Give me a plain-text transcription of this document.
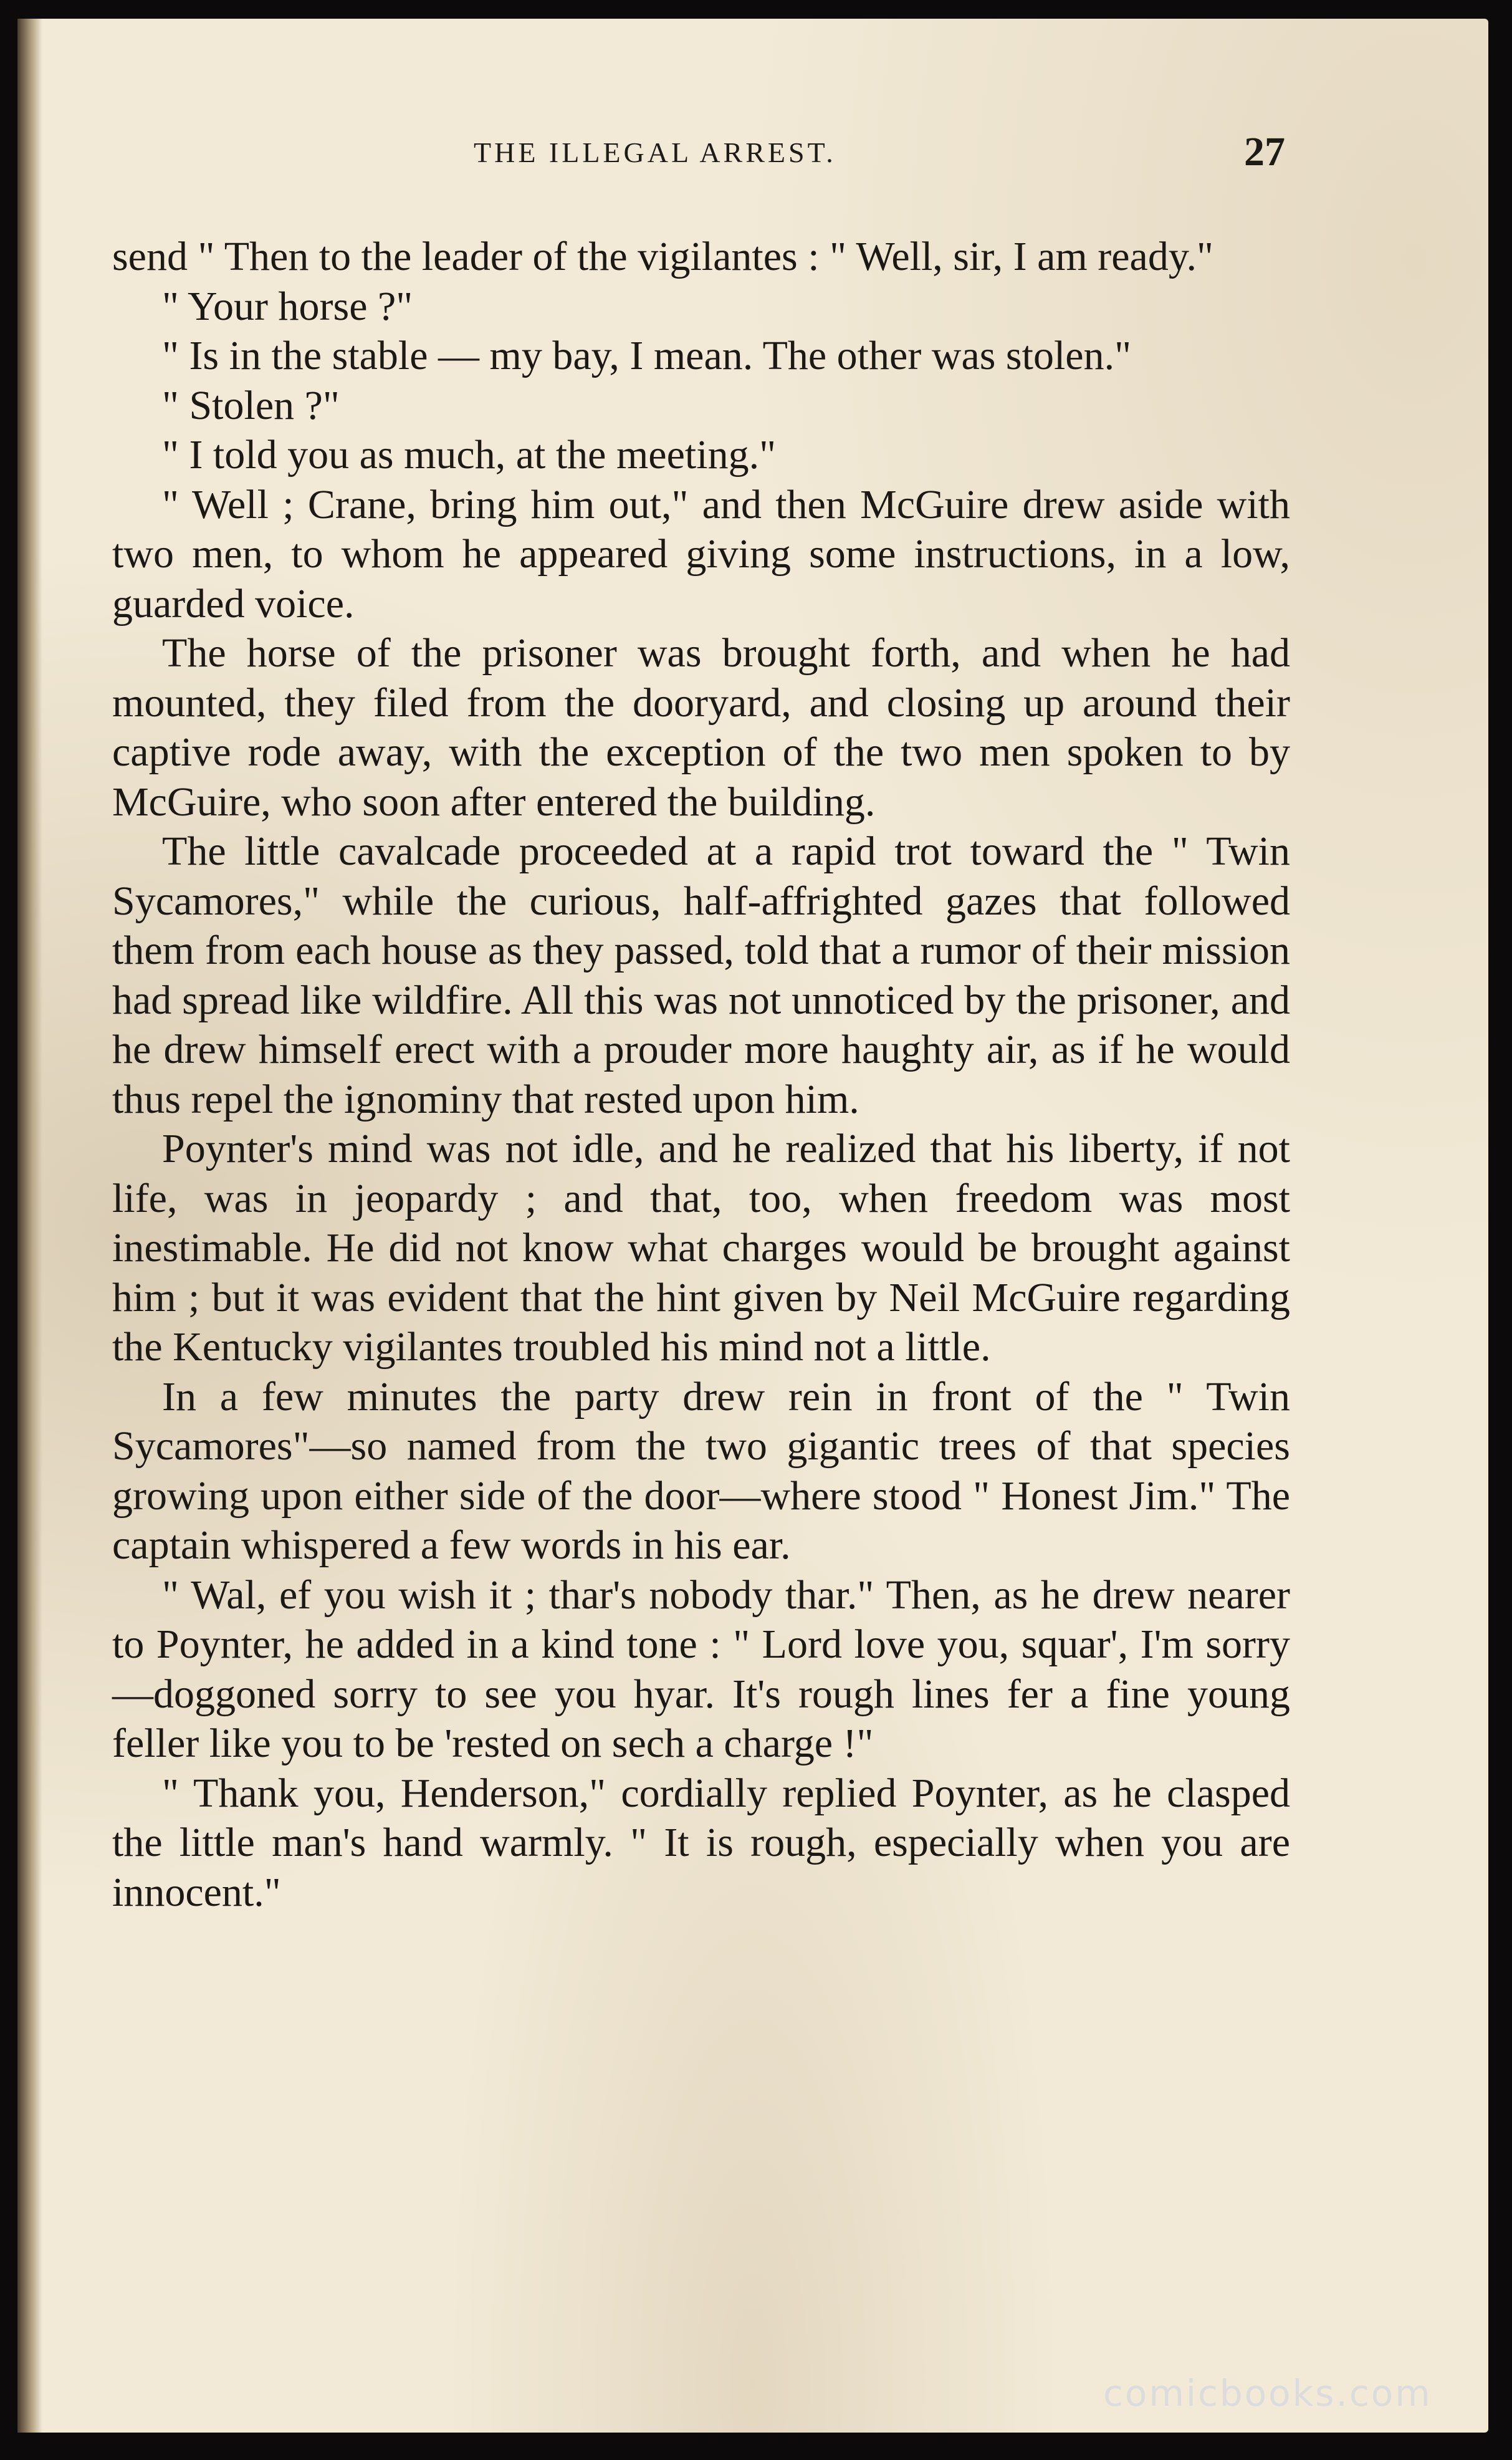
THE ILLEGAL ARREST.	27

send " Then to the leader of the vigilantes : " Well, sir, I am ready."

" Your horse ?"

" Is in the stable — my bay, I mean. The other was stolen."

" Stolen ?"

" I told you as much, at the meeting."

" Well ; Crane, bring him out," and then McGuire drew aside with two men, to whom he appeared giving some instructions, in a low, guarded voice.

The horse of the prisoner was brought forth, and when he had mounted, they filed from the dooryard, and closing up around their captive rode away, with the exception of the two men spoken to by McGuire, who soon after entered the building.

The little cavalcade proceeded at a rapid trot toward the " Twin Sycamores," while the curious, half-affrighted gazes that followed them from each house as they passed, told that a rumor of their mission had spread like wildfire. All this was not unnoticed by the prisoner, and he drew himself erect with a prouder more haughty air, as if he would thus repel the ignominy that rested upon him.

Poynter's mind was not idle, and he realized that his liberty, if not life, was in jeopardy ; and that, too, when freedom was most inestimable. He did not know what charges would be brought against him ; but it was evident that the hint given by Neil McGuire regarding the Kentucky vigilantes troubled his mind not a little.

In a few minutes the party drew rein in front of the " Twin Sycamores"—so named from the two gigantic trees of that species growing upon either side of the door—where stood " Honest Jim." The captain whispered a few words in his ear.

" Wal, ef you wish it ; thar's nobody thar." Then, as he drew nearer to Poynter, he added in a kind tone : " Lord love you, squar', I'm sorry—doggoned sorry to see you hyar. It's rough lines fer a fine young feller like you to be 'rested on sech a charge !"

" Thank you, Henderson," cordially replied Poynter, as he clasped the little man's hand warmly. " It is rough, especially when you are innocent."

comicbooks.com
